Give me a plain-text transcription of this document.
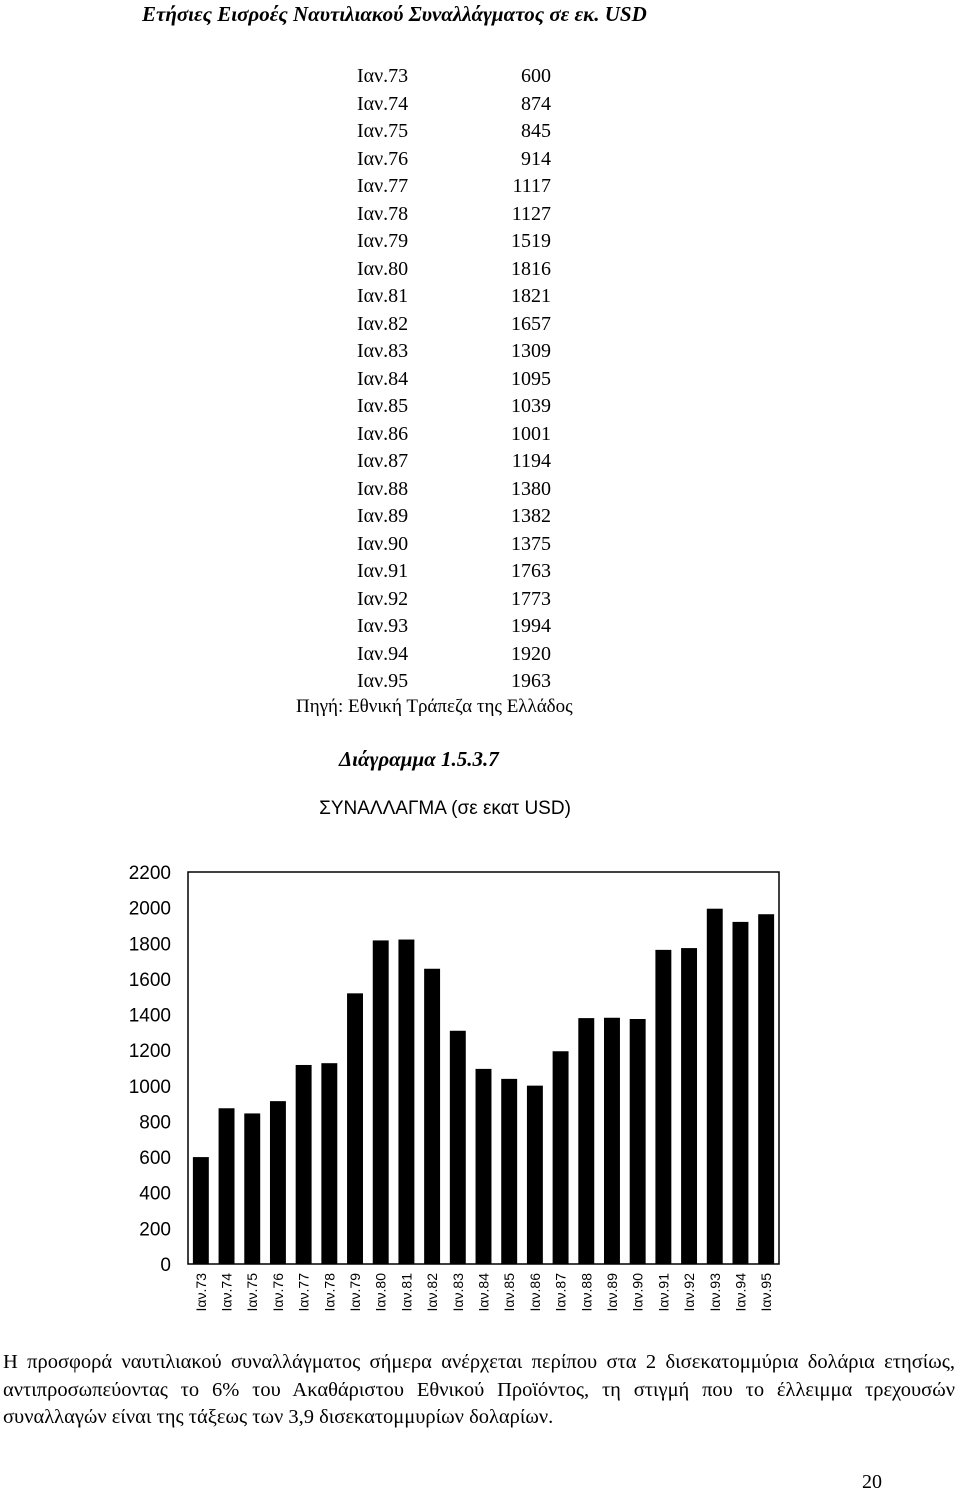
Ετήσιες Εισροές Ναυτιλιακού Συναλλάγματος σε εκ. USD
Ιαν.73	600
Ιαν.74	874
Ιαν.75	845
Ιαν.76	914
Ιαν.77	1117
Ιαν.78	1127
Ιαν.79	1519
Ιαν.80	1816
Ιαν.81	1821
Ιαν.82	1657
Ιαν.83	1309
Ιαν.84	1095
Ιαν.85	1039
Ιαν.86	1001
Ιαν.87	1194
Ιαν.88	1380
Ιαν.89	1382
Ιαν.90	1375
Ιαν.91	1763
Ιαν.92	1773
Ιαν.93	1994
Ιαν.94	1920
Ιαν.95	1963
Πηγή: Εθνική Τράπεζα της Ελλάδος
Διάγραμμα 1.5.3.7
ΣΥΝΑΛΛΑΓΜΑ (σε εκατ USD)
0
200
400
600
800
1000
1200
1400
1600
1800
2000
2200
Ιαν.73 Ιαν.74 Ιαν.75 Ιαν.76 Ιαν.77 Ιαν.78 Ιαν.79 Ιαν.80 Ιαν.81 Ιαν.82 Ιαν.83 Ιαν.84 Ιαν.85 Ιαν.86 Ιαν.87 Ιαν.88 Ιαν.89 Ιαν.90 Ιαν.91 Ιαν.92 Ιαν.93 Ιαν.94 Ιαν.95
Η προσφορά ναυτιλιακού συναλλάγματος σήμερα ανέρχεται περίπου στα 2 δισεκατομμύρια δολάρια ετησίως, αντιπροσωπεύοντας το 6% του Ακαθάριστου Εθνικού Προϊόντος, τη στιγμή που το έλλειμμα τρεχουσών συναλλαγών είναι της τάξεως των 3,9 δισεκατομμυρίων δολαρίων.
20
